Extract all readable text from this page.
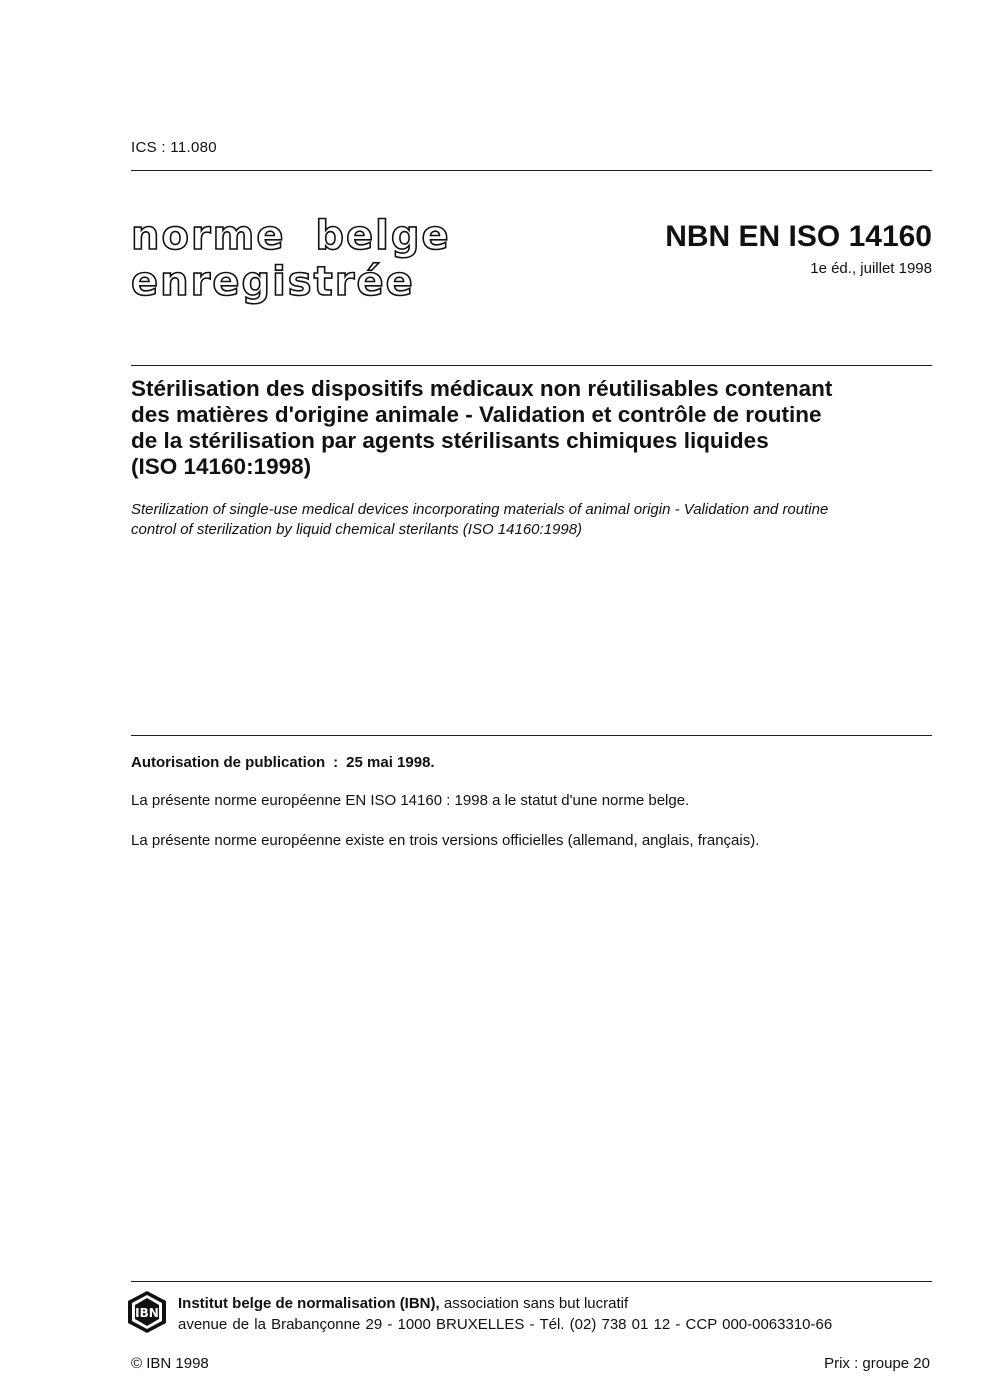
ICS : 11.080
norme belge
enregistrée
NBN EN ISO 14160
1e éd., juillet 1998
Stérilisation des dispositifs médicaux non réutilisables contenant
des matières d'origine animale - Validation et contrôle de routine
de la stérilisation par agents stérilisants chimiques liquides
(ISO 14160:1998)
Sterilization of single-use medical devices incorporating materials of animal origin - Validation and routine
control of sterilization by liquid chemical sterilants (ISO 14160:1998)
Autorisation de publication : 25 mai 1998.
La présente norme européenne EN ISO 14160 : 1998 a le statut d'une norme belge.
La présente norme européenne existe en trois versions officielles (allemand, anglais, français).
IBN
Institut belge de normalisation (IBN), association sans but lucratif
avenue de la Brabançonne 29 - 1000 BRUXELLES - Tél. (02) 738 01 12 - CCP 000-0063310-66
© IBN 1998	Prix : groupe 20
